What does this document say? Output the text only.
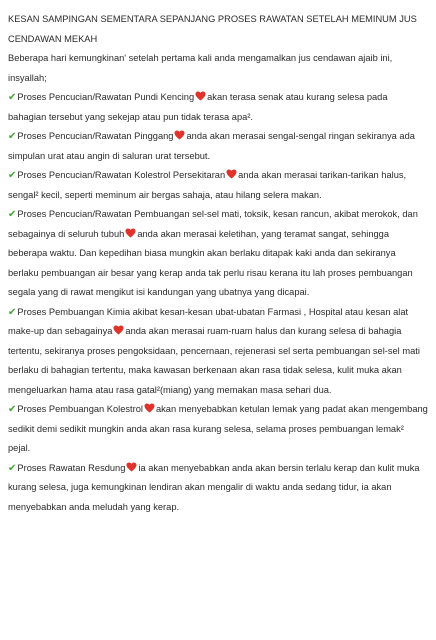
KESAN SAMPINGAN SEMENTARA SEPANJANG PROSES RAWATAN SETELAH MEMINUM JUS CENDAWAN MEKAH

Beberapa hari kemungkinan' setelah pertama kali anda mengamalkan jus cendawan ajaib ini, insyallah;

✔Proses Pencucian/Rawatan Pundi Kencing akan terasa senak atau kurang selesa pada bahagian tersebut yang sekejap atau pun tidak terasa apa².

✔Proses Pencucian/Rawatan Pinggang anda akan merasai sengal-sengal ringan sekiranya ada simpulan urat atau angin di saluran urat tersebut.

✔Proses Pencucian/Rawatan Kolestrol Persekitaran anda akan merasai tarikan-tarikan halus, sengal² kecil, seperti meminum air bergas sahaja, atau hilang selera makan.

✔Proses Pencucian/Rawatan Pembuangan sel-sel mati, toksik, kesan rancun, akibat merokok, dan sebagainya di seluruh tubuh anda akan merasai keletihan, yang teramat sangat, sehingga beberapa waktu. Dan kepedihan biasa mungkin akan berlaku ditapak kaki anda dan sekiranya berlaku pembuangan air besar yang kerap anda tak perlu risau kerana itu lah proses pembuangan segala yang di rawat mengikut isi kandungan yang ubatnya yang dicapai.

✔Proses Pembuangan Kimia akibat kesan-kesan ubat-ubatan Farmasi , Hospital atau kesan alat make-up dan sebagainya anda akan merasai ruam-ruam halus dan kurang selesa di bahagia tertentu, sekiranya proses pengoksidaan, pencernaan, rejenerasi sel serta pembuangan sel-sel mati berlaku di bahagian tertentu, maka kawasan berkenaan akan rasa tidak selesa, kulit muka akan mengeluarkan hama atau rasa gatal²(miang) yang memakan masa sehari dua.

✔Proses Pembuangan Kolestrol akan menyebabkan ketulan lemak yang padat akan mengembang sedikit demi sedikit mungkin anda akan rasa kurang selesa, selama proses pembuangan lemak² pejal.

✔Proses Rawatan Resdung ia akan menyebabkan anda akan bersin terlalu kerap dan kulit muka kurang selesa, juga kemungkinan lendiran akan mengalir di waktu anda sedang tidur, ia akan menyebabkan anda meludah yang kerap.
